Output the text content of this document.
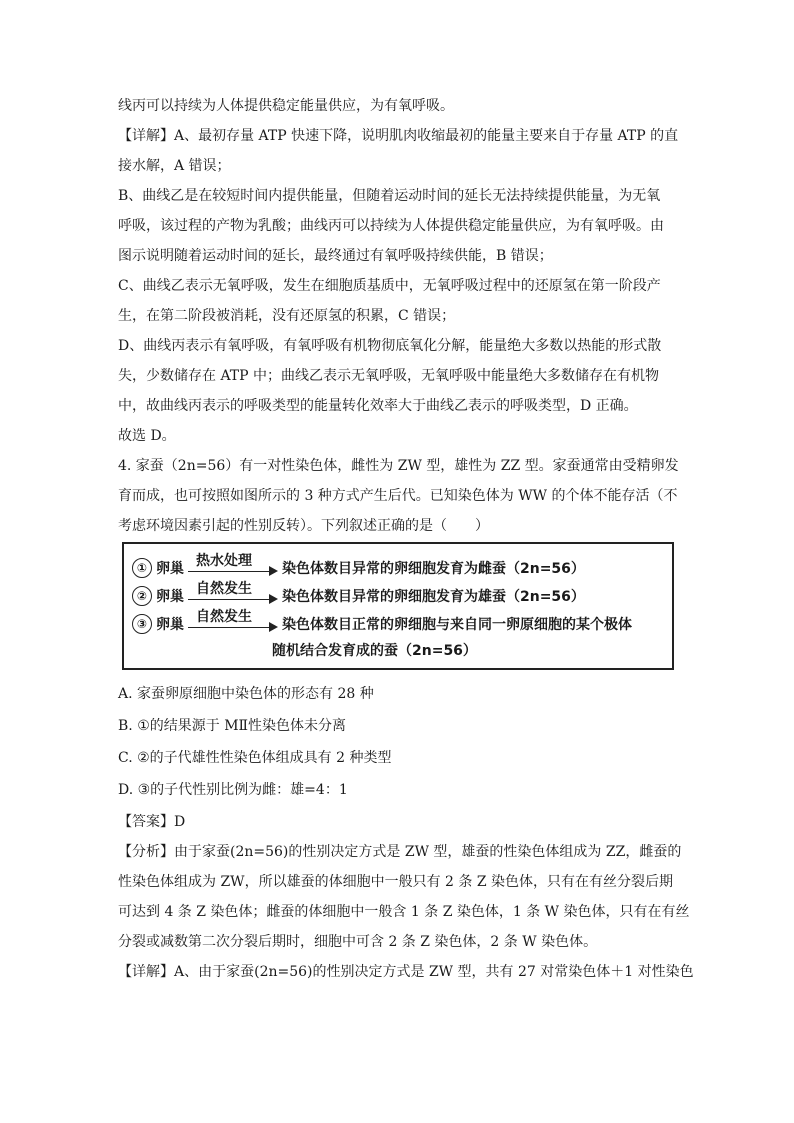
线丙可以持续为人体提供稳定能量供应，为有氧呼吸。

【详解】A、最初存量 ATP 快速下降，说明肌肉收缩最初的能量主要来自于存量 ATP 的直

接水解，A 错误；

B、曲线乙是在较短时间内提供能量，但随着运动时间的延长无法持续提供能量，为无氧

呼吸，该过程的产物为乳酸；曲线丙可以持续为人体提供稳定能量供应，为有氧呼吸。由

图示说明随着运动时间的延长，最终通过有氧呼吸持续供能，B 错误；

C、曲线乙表示无氧呼吸，发生在细胞质基质中，无氧呼吸过程中的还原氢在第一阶段产

生，在第二阶段被消耗，没有还原氢的积累，C 错误；

D、曲线丙表示有氧呼吸，有氧呼吸有机物彻底氧化分解，能量绝大多数以热能的形式散

失，少数储存在 ATP 中；曲线乙表示无氧呼吸，无氧呼吸中能量绝大多数储存在有机物

中，故曲线丙表示的呼吸类型的能量转化效率大于曲线乙表示的呼吸类型，D 正确。

故选 D。

4. 家蚕（2n=56）有一对性染色体，雌性为 ZW 型，雄性为 ZZ 型。家蚕通常由受精卵发

育而成，也可按照如图所示的 3 种方式产生后代。已知染色体为 WW 的个体不能存活（不

考虑环境因素引起的性别反转）。下列叙述正确的是（　　）

① 卵巢 热水处理 染色体数目异常的卵细胞发育为雌蚕（2n=56）
② 卵巢 自然发生 染色体数目异常的卵细胞发育为雄蚕（2n=56）
③ 卵巢 自然发生 染色体数目正常的卵细胞与来自同一卵原细胞的某个极体
随机结合发育成的蚕（2n=56）

A. 家蚕卵原细胞中染色体的形态有 28 种

B. ①的结果源于 MⅡ性染色体未分离

C. ②的子代雄性性染色体组成具有 2 种类型

D. ③的子代性别比例为雌：雄=4：1

【答案】D

【分析】由于家蚕(2n=56)的性别决定方式是 ZW 型，雄蚕的性染色体组成为 ZZ，雌蚕的

性染色体组成为 ZW，所以雄蚕的体细胞中一般只有 2 条 Z 染色体，只有在有丝分裂后期

可达到 4 条 Z 染色体；雌蚕的体细胞中一般含 1 条 Z 染色体，1 条 W 染色体，只有在有丝

分裂或减数第二次分裂后期时，细胞中可含 2 条 Z 染色体，2 条 W 染色体。

【详解】A、由于家蚕(2n=56)的性别决定方式是 ZW 型，共有 27 对常染色体＋1 对性染色
